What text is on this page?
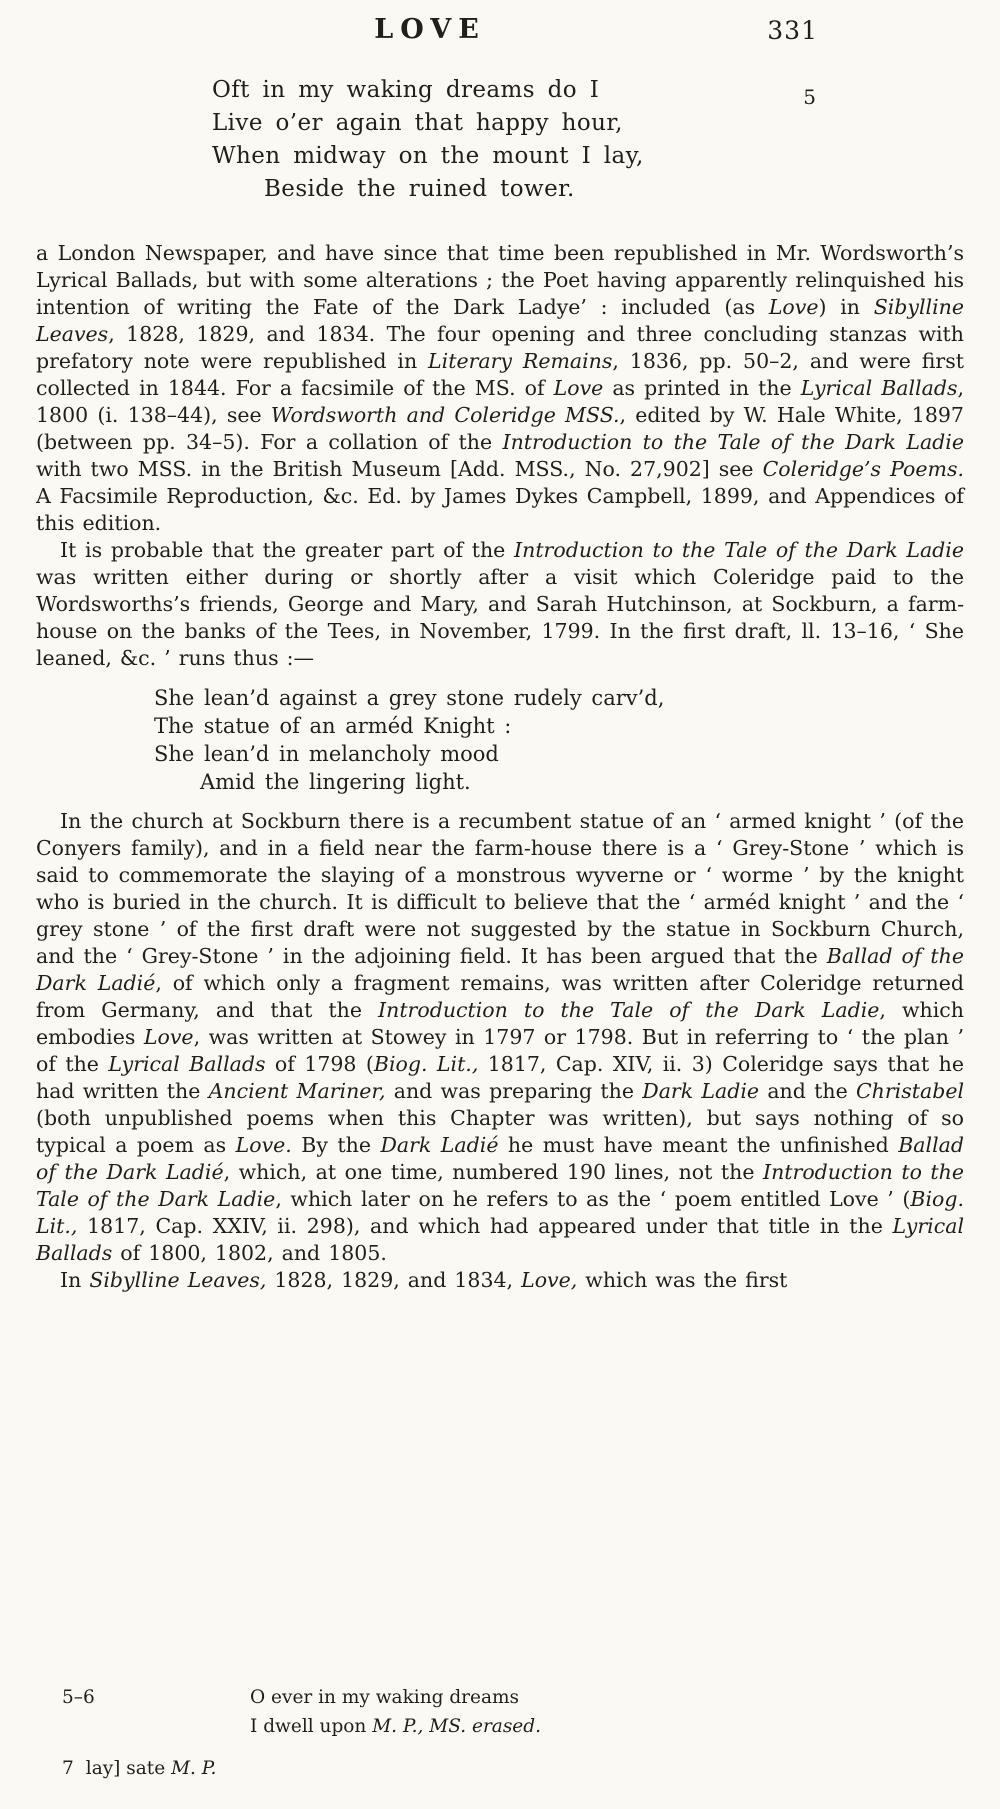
LOVE	331
Oft in my waking dreams do I
Live o’er again that happy hour,
When midway on the mount I lay,
Beside the ruined tower.
5

a London Newspaper, and have since that time been republished in Mr. Wordsworth’s Lyrical Ballads, but with some alterations ; the Poet having apparently relinquished his intention of writing the Fate of the Dark Ladye’ : included (as Love) in Sibylline Leaves, 1828, 1829, and 1834. The four opening and three concluding stanzas with prefatory note were republished in Literary Remains, 1836, pp. 50–2, and were first collected in 1844. For a facsimile of the MS. of Love as printed in the Lyrical Ballads, 1800 (i. 138–44), see Wordsworth and Coleridge MSS., edited by W. Hale White, 1897 (between pp. 34–5). For a collation of the Introduction to the Tale of the Dark Ladie with two MSS. in the British Museum [Add. MSS., No. 27,902] see Coleridge’s Poems. A Facsimile Reproduction, &c. Ed. by James Dykes Campbell, 1899, and Appendices of this edition.

It is probable that the greater part of the Introduction to the Tale of the Dark Ladie was written either during or shortly after a visit which Coleridge paid to the Wordsworths’s friends, George and Mary, and Sarah Hutchinson, at Sockburn, a farm-house on the banks of the Tees, in November, 1799. In the first draft, ll. 13–16, ‘ She leaned, &c. ’ runs thus :—

She lean’d against a grey stone rudely carv’d,
The statue of an arméd Knight :
She lean’d in melancholy mood
Amid the lingering light.

In the church at Sockburn there is a recumbent statue of an ‘ armed knight ’ (of the Conyers family), and in a field near the farm-house there is a ‘ Grey-Stone ’ which is said to commemorate the slaying of a monstrous wyverne or ‘ worme ’ by the knight who is buried in the church. It is difficult to believe that the ‘ arméd knight ’ and the ‘ grey stone ’ of the first draft were not suggested by the statue in Sockburn Church, and the ‘ Grey-Stone ’ in the adjoining field. It has been argued that the Ballad of the Dark Ladié, of which only a fragment remains, was written after Coleridge returned from Germany, and that the Introduction to the Tale of the Dark Ladie, which embodies Love, was written at Stowey in 1797 or 1798. But in referring to ‘ the plan ’ of the Lyrical Ballads of 1798 (Biog. Lit., 1817, Cap. XIV, ii. 3) Coleridge says that he had written the Ancient Mariner, and was preparing the Dark Ladie and the Christabel (both unpublished poems when this Chapter was written), but says nothing of so typical a poem as Love. By the Dark Ladié he must have meant the unfinished Ballad of the Dark Ladié, which, at one time, numbered 190 lines, not the Introduction to the Tale of the Dark Ladie, which later on he refers to as the ‘ poem entitled Love ’ (Biog. Lit., 1817, Cap. XXIV, ii. 298), and which had appeared under that title in the Lyrical Ballads of 1800, 1802, and 1805.

In Sibylline Leaves, 1828, 1829, and 1834, Love, which was the first

5–6	O ever in my waking dreams
I dwell upon M. P., MS. erased.
7 lay] sate M. P.
